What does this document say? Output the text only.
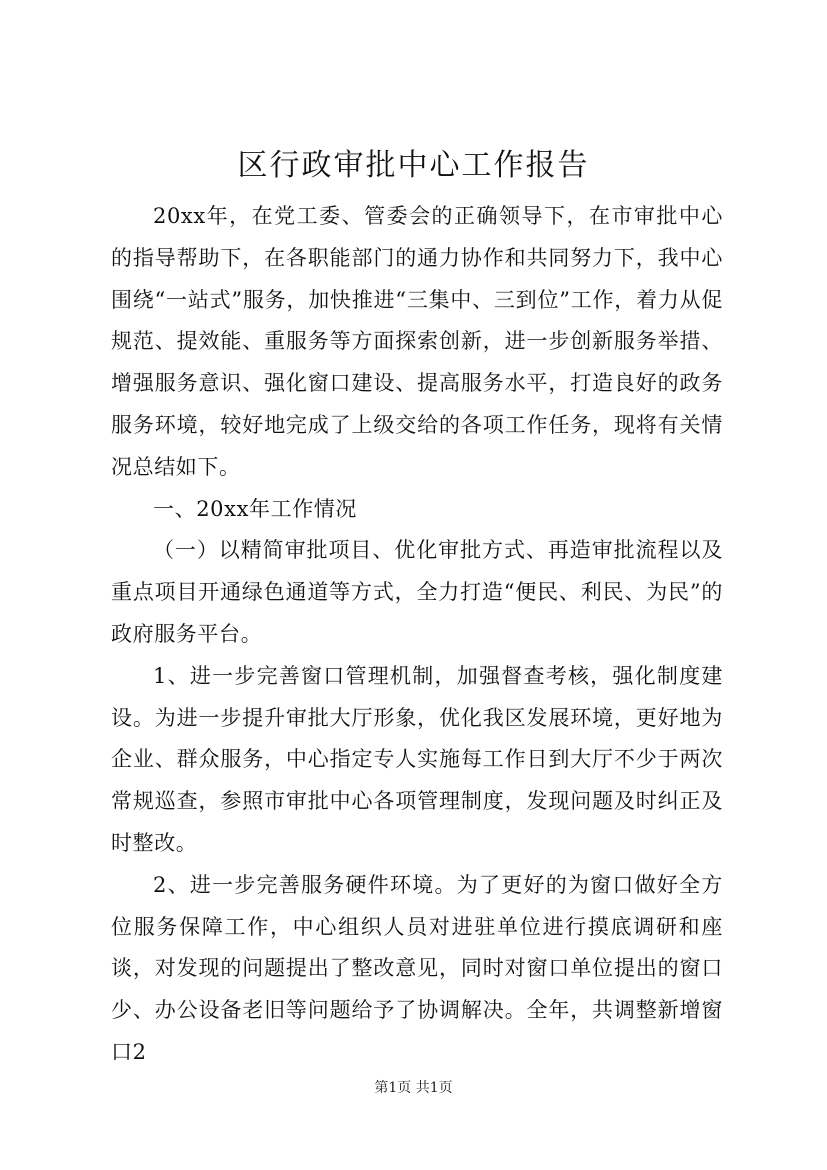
区行政审批中心工作报告

20xx年，在党工委、管委会的正确领导下，在市审批中心的指导帮助下，在各职能部门的通力协作和共同努力下，我中心围绕“一站式”服务，加快推进“三集中、三到位”工作，着力从促规范、提效能、重服务等方面探索创新，进一步创新服务举措、增强服务意识、强化窗口建设、提高服务水平，打造良好的政务服务环境，较好地完成了上级交给的各项工作任务，现将有关情况总结如下。

一、20xx年工作情况

（一）以精简审批项目、优化审批方式、再造审批流程以及重点项目开通绿色通道等方式，全力打造“便民、利民、为民”的政府服务平台。

1、进一步完善窗口管理机制，加强督查考核，强化制度建设。为进一步提升审批大厅形象，优化我区发展环境，更好地为企业、群众服务，中心指定专人实施每工作日到大厅不少于两次常规巡查，参照市审批中心各项管理制度，发现问题及时纠正及时整改。

2、进一步完善服务硬件环境。为了更好的为窗口做好全方位服务保障工作，中心组织人员对进驻单位进行摸底调研和座谈，对发现的问题提出了整改意见，同时对窗口单位提出的窗口少、办公设备老旧等问题给予了协调解决。全年，共调整新增窗口2

第1页 共1页
